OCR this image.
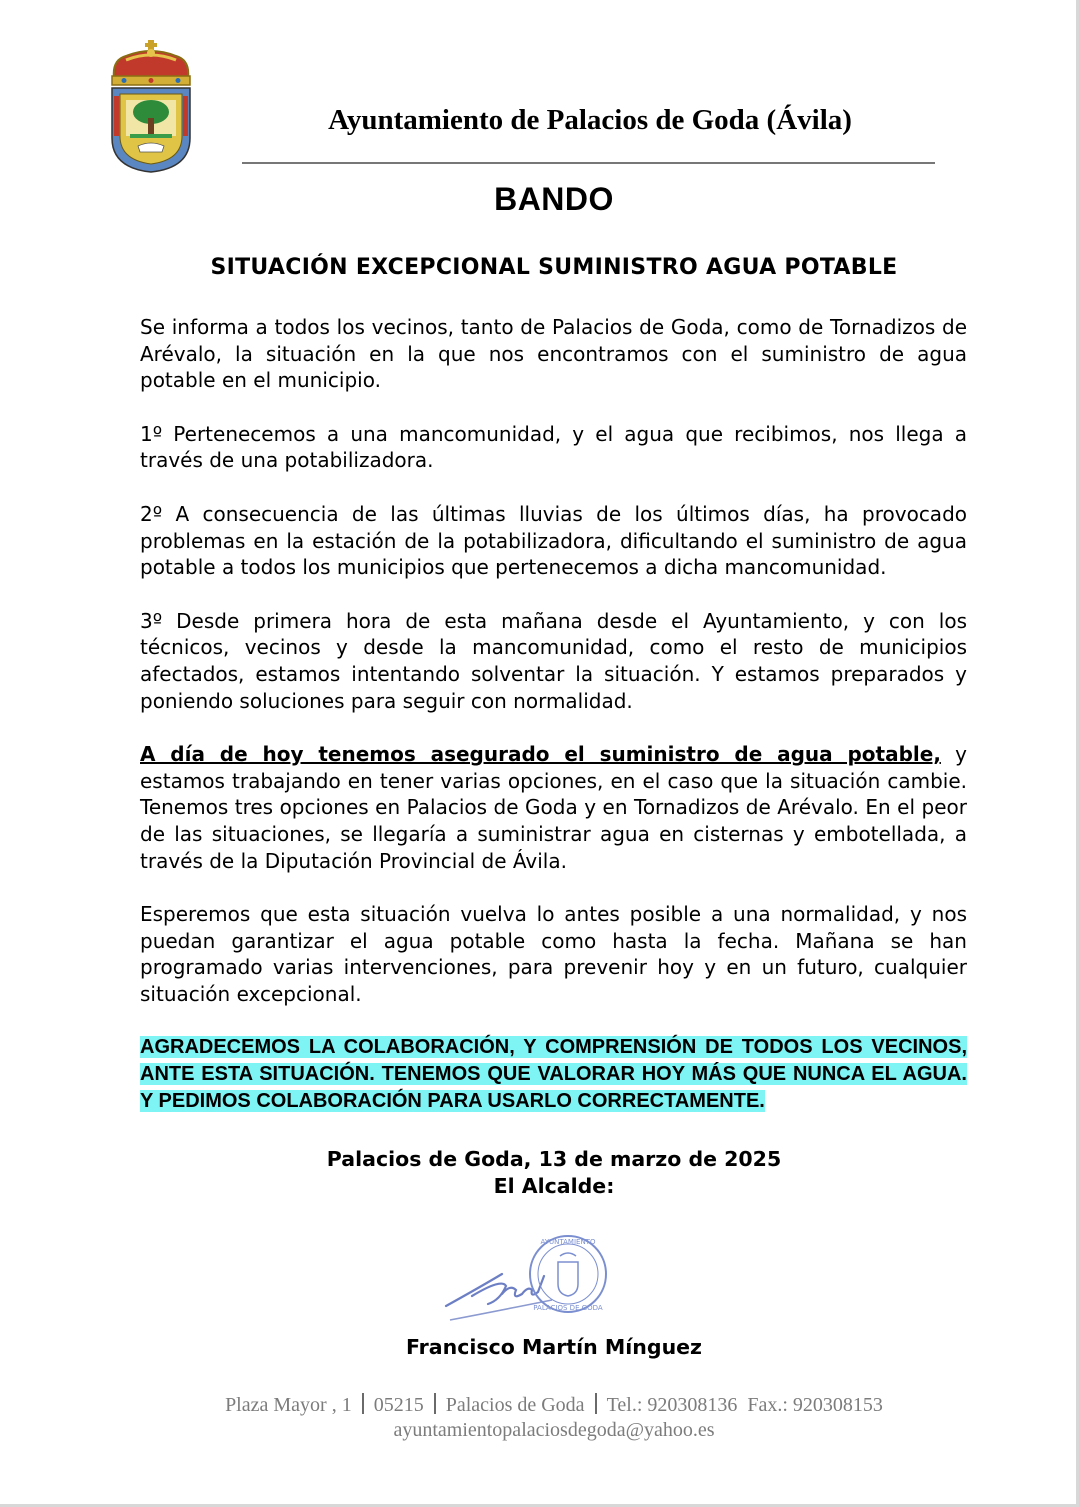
Ayuntamiento de Palacios de Goda (Ávila)
BANDO
SITUACIÓN EXCEPCIONAL SUMINISTRO AGUA POTABLE

Se informa a todos los vecinos, tanto de Palacios de Goda, como de Tornadizos de Arévalo, la situación en la que nos encontramos con el suministro de agua potable en el municipio.

1º Pertenecemos a una mancomunidad, y el agua que recibimos, nos llega a través de una potabilizadora.

2º A consecuencia de las últimas lluvias de los últimos días, ha provocado problemas en la estación de la potabilizadora, dificultando el suministro de agua potable a todos los municipios que pertenecemos a dicha mancomunidad.

3º Desde primera hora de esta mañana desde el Ayuntamiento, y con los técnicos, vecinos y desde la mancomunidad, como el resto de municipios afectados, estamos intentando solventar la situación. Y estamos preparados y poniendo soluciones para seguir con normalidad.

A día de hoy tenemos asegurado el suministro de agua potable, y estamos trabajando en tener varias opciones, en el caso que la situación cambie. Tenemos tres opciones en Palacios de Goda y en Tornadizos de Arévalo. En el peor de las situaciones, se llegaría a suministrar agua en cisternas y embotellada, a través de la Diputación Provincial de Ávila.

Esperemos que esta situación vuelva lo antes posible a una normalidad, y nos puedan garantizar el agua potable como hasta la fecha. Mañana se han programado varias intervenciones, para prevenir hoy y en un futuro, cualquier situación excepcional.

AGRADECEMOS LA COLABORACIÓN, Y COMPRENSIÓN DE TODOS LOS VECINOS, ANTE ESTA SITUACIÓN. TENEMOS QUE VALORAR HOY MÁS QUE NUNCA EL AGUA. Y PEDIMOS COLABORACIÓN PARA USARLO CORRECTAMENTE.

Palacios de Goda, 13 de marzo de 2025
El Alcalde:
AYUNTAMIENTO
PALACIOS DE GODA
Francisco Martín Mínguez
Plaza Mayor , 1 05215 Palacios de Goda Tel.: 920308136 Fax.: 920308153
ayuntamientopalaciosdegoda@yahoo.es
